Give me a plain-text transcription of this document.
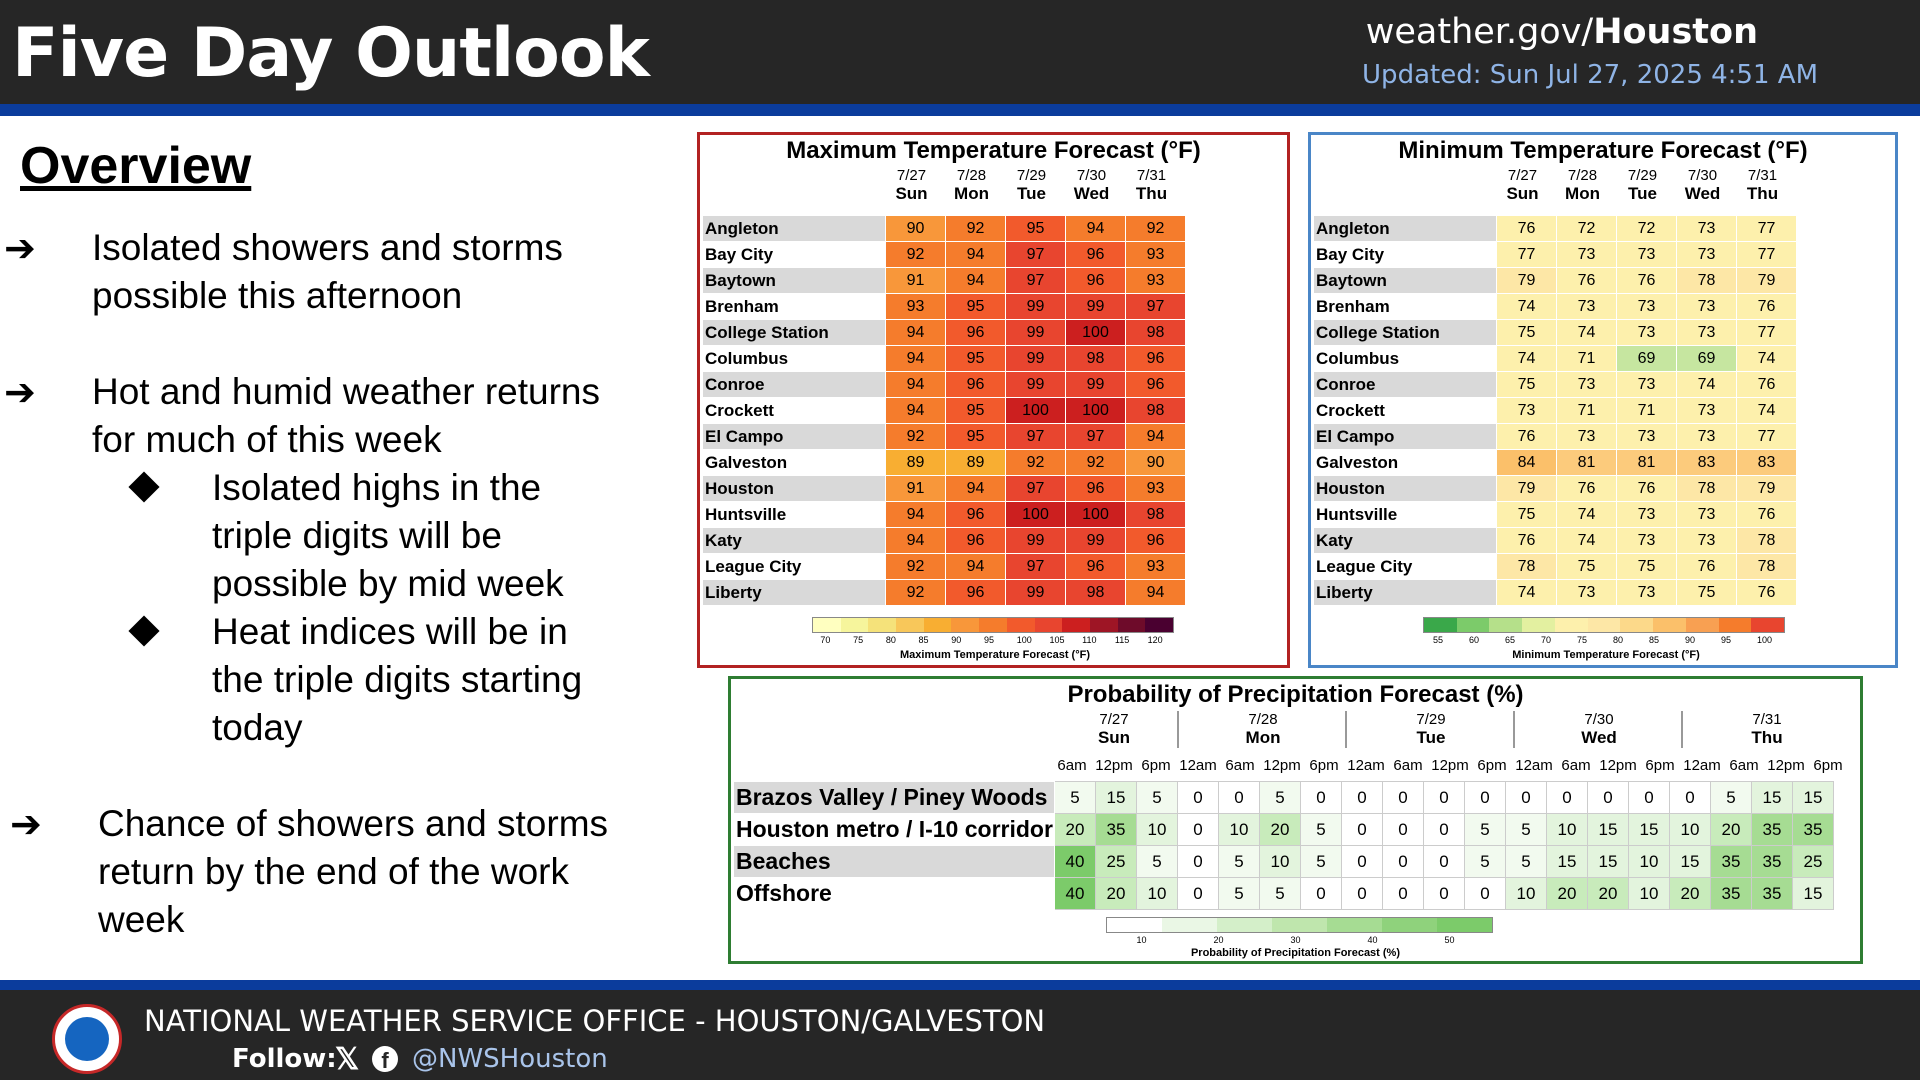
Five Day Outlook	weather.gov/Houston
Updated: Sun Jul 27, 2025 4:51 AM
Overview
➔ Isolated showers and storms
possible this afternoon
➔ Hot and humid weather returns
for much of this week
Isolated highs in the
triple digits will be
possible by mid week
Heat indices will be in
the triple digits starting
today
➔ Chance of showers and storms
return by the end of the work
week
Maximum Temperature Forecast (°F)
7/27
Sun
7/28
Mon
7/29
Tue
7/30
Wed
7/31
Thu
Angleton	90	92	95	94	92
Bay City	92	94	97	96	93
Baytown	91	94	97	96	93
Brenham	93	95	99	99	97
College Station	94	96	99	100	98
Columbus	94	95	99	98	96
Conroe	94	96	99	99	96
Crockett	94	95	100	100	98
El Campo	92	95	97	97	94
Galveston	89	89	92	92	90
Houston	91	94	97	96	93
Huntsville	94	96	100	100	98
Katy	94	96	99	99	96
League City	92	94	97	96	93
Liberty	92	96	99	98	94
70	75	80	85	90	95	100 105 110 115 120
Maximum Temperature Forecast (°F)
Minimum Temperature Forecast (°F)
7/27
Sun
7/28
Mon
7/29
Tue
7/30
Wed
7/31
Thu
Angleton	76	72	72	73	77
Bay City	77	73	73	73	77
Baytown	79	76	76	78	79
Brenham	74	73	73	73	76
College Station	75	74	73	73	77
Columbus	74	71	69	69	74
Conroe	75	73	73	74	76
Crockett	73	71	71	73	74
El Campo	76	73	73	73	77
Galveston	84	81	81	83	83
Houston	79	76	76	78	79
Huntsville	75	74	73	73	76
Katy	76	74	73	73	78
League City	78	75	75	76	78
Liberty	74	73	73	75	76
55	60	65	70	75	80	85	90	95	100
Minimum Temperature Forecast (°F)
Probability of Precipitation Forecast (%)
7/27
Sun
6am 12pm 6pm
7/28
Mon
12am 6am 12pm 6pm
7/29
Tue
12am 6am 12pm 6pm
7/30
Wed
12am 6am 12pm 6pm
7/31
Thu
12am 6am 12pm 6pm
Brazos Valley / Piney Woods	5	15	5	0	0	5	0	0	0	0	0	0	0	0	0	0	5	15	15
Houston metro / I-10 corridor	20	35	10	0	10	20	5	0	0	0	5	5	10	15	15	10	20	35	35
Beaches	40	25	5	0	5	10	5	0	0	0	5	5	15	15	10	15	35	35	25
Offshore	40	20	10	0	5	5	0	0	0	0	0	10	20	20	10	20	35	35	15
10	20	30	40	50
Probability of Precipitation Forecast (%)
NATIONAL WEATHER SERVICE OFFICE - HOUSTON/GALVESTON
Follow:
𝕏	f @NWSHouston
